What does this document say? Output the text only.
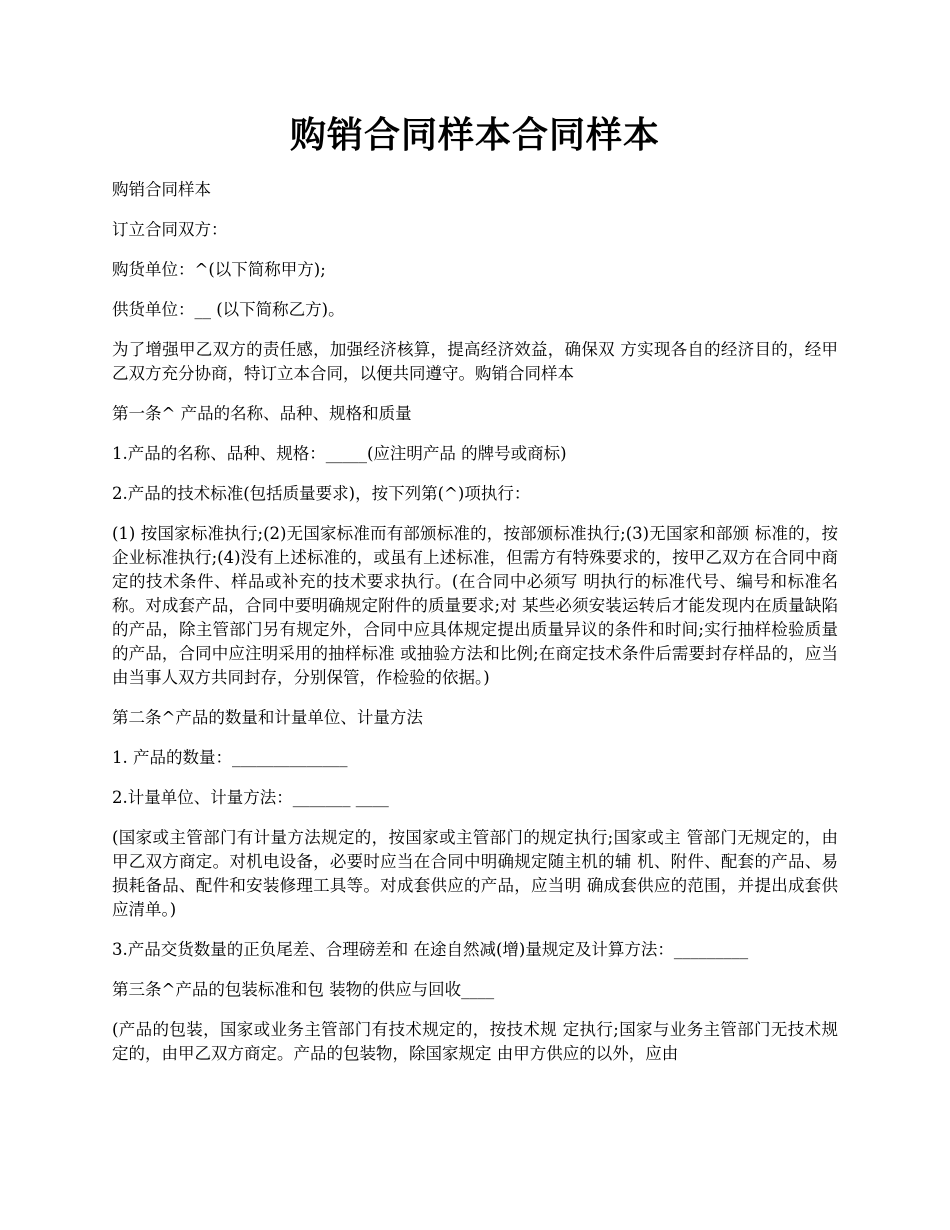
购销合同样本合同样本

购销合同样本

订立合同双方：

购货单位：^(以下简称甲方);

供货单位：__ (以下简称乙方)。

为了增强甲乙双方的责任感，加强经济核算，提高经济效益，确保双 方实现各自的经济目的，经甲乙双方充分协商，特订立本合同，以便共同遵守。购销合同样本

第一条^ 产品的名称、品种、规格和质量

1.产品的名称、品种、规格：_____(应注明产品 的牌号或商标)

2.产品的技术标准(包括质量要求)，按下列第(^)项执行：

(1) 按国家标准执行;(2)无国家标准而有部颁标准的，按部颁标准执行;(3)无国家和部颁 标准的，按企业标准执行;(4)没有上述标准的，或虽有上述标准，但需方有特殊要求的，按甲乙双方在合同中商定的技术条件、样品或补充的技术要求执行。(在合同中必须写 明执行的标准代号、编号和标准名称。对成套产品，合同中要明确规定附件的质量要求;对 某些必须安装运转后才能发现内在质量缺陷的产品，除主管部门另有规定外，合同中应具体规定提出质量异议的条件和时间;实行抽样检验质量的产品，合同中应注明采用的抽样标准 或抽验方法和比例;在商定技术条件后需要封存样品的，应当由当事人双方共同封存，分别保管，作检验的依据。)

第二条^产品的数量和计量单位、计量方法

1. 产品的数量：______________

2.计量单位、计量方法：_______ ____

(国家或主管部门有计量方法规定的，按国家或主管部门的规定执行;国家或主 管部门无规定的，由甲乙双方商定。对机电设备，必要时应当在合同中明确规定随主机的辅 机、附件、配套的产品、易损耗备品、配件和安装修理工具等。对成套供应的产品，应当明 确成套供应的范围，并提出成套供应清单。)

3.产品交货数量的正负尾差、合理磅差和 在途自然减(增)量规定及计算方法：_________

第三条^产品的包装标准和包 装物的供应与回收____

(产品的包装，国家或业务主管部门有技术规定的，按技术规 定执行;国家与业务主管部门无技术规定的，由甲乙双方商定。产品的包装物，除国家规定 由甲方供应的以外，应由
